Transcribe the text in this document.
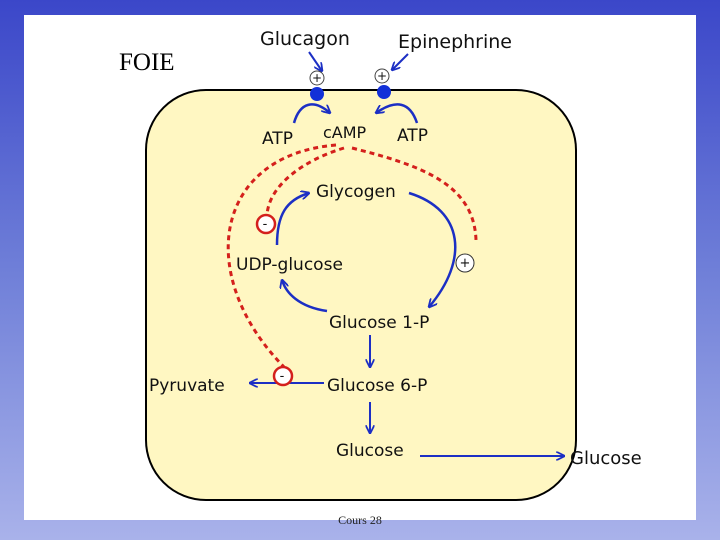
FOIE
+	+
-
+
-
Glucagon	Epinephrine
ATP cAMP ATP
Glycogen
UDP-glucose
Glucose 1-P
Pyruvate	Glucose 6-P
Glucose	Glucose
Cours 28
